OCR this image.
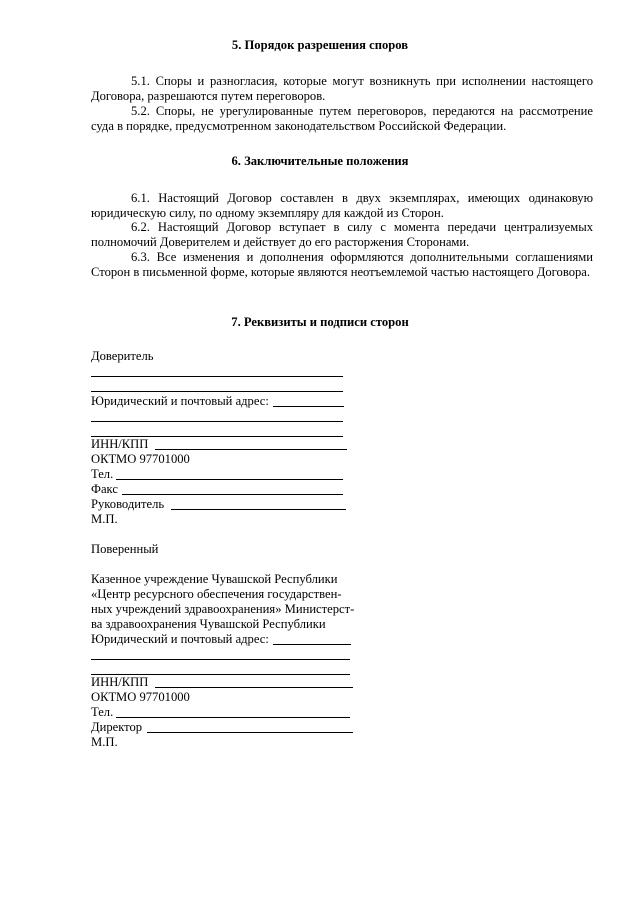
5. Порядок разрешения споров

5.1. Споры и разногласия, которые могут возникнуть при исполнении настоящего Договора, разрешаются путем переговоров.

5.2. Споры, не урегулированные путем переговоров, передаются на рассмотрение суда в порядке, предусмотренном законодательством Российской Федерации.

6. Заключительные положения

6.1. Настоящий Договор составлен в двух экземплярах, имеющих одинаковую юридическую силу, по одному экземпляру для каждой из Сторон.

6.2. Настоящий Договор вступает в силу с момента передачи централизуемых полномочий Доверителем и действует до его расторжения Сторонами.

6.3. Все изменения и дополнения оформляются дополнительными соглашениями Сторон в письменной форме, которые являются неотъемлемой частью настоящего Договора.

7. Реквизиты и подписи сторон
Доверитель
Юридический и почтовый адрес:
ИНН/КПП
ОКТМО 97701000
Тел.
Факс
Руководитель
М.П.
Поверенный
Казенное учреждение Чувашской Республики
«Центр ресурсного обеспечения государствен-
ных учреждений здравоохранения» Министерст-
ва здравоохранения Чувашской Республики
Юридический и почтовый адрес:
ИНН/КПП
ОКТМО 97701000
Тел.
Директор
М.П.
